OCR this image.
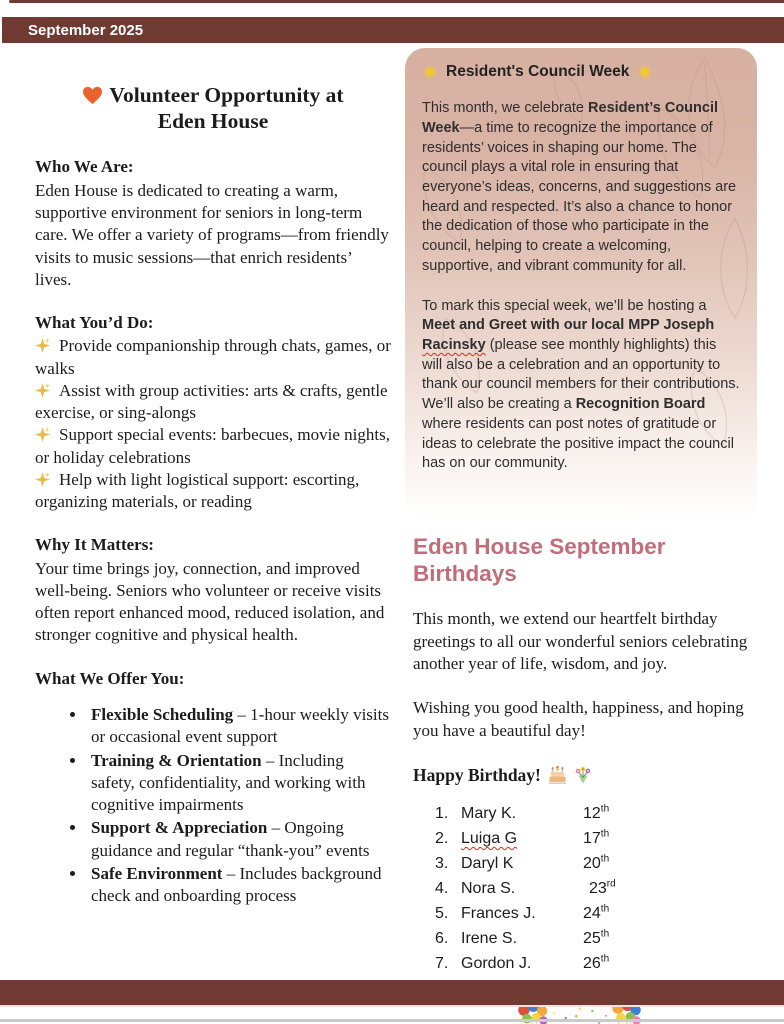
September 2025
Volunteer Opportunity at
Eden House
Who We Are:
Eden House is dedicated to creating a warm, supportive environment for seniors in long-term care. We offer a variety of programs—from friendly visits to music sessions—that enrich residents’ lives.
What You’d Do:

Provide companionship through chats, games, or walks

Assist with group activities: arts & crafts, gentle exercise, or sing-alongs

Support special events: barbecues, movie nights, or holiday celebrations

Help with light logistical support: escorting, organizing materials, or reading

Why It Matters:
Your time brings joy, connection, and improved well-being. Seniors who volunteer or receive visits often report enhanced mood, reduced isolation, and stronger cognitive and physical health.
What We Offer You:
• Flexible Scheduling – 1-hour weekly visits or occasional event support
• Training & Orientation – Including safety, confidentiality, and working with cognitive impairments
• Support & Appreciation – Ongoing guidance and regular “thank-you” events
• Safe Environment – Includes background check and onboarding process
Resident's Council Week

This month, we celebrate Resident’s Council Week—a time to recognize the importance of residents’ voices in shaping our home. The council plays a vital role in ensuring that everyone’s ideas, concerns, and suggestions are heard and respected. It’s also a chance to honor the dedication of those who participate in the council, helping to create a welcoming, supportive, and vibrant community for all.

To mark this special week, we’ll be hosting a Meet and Greet with our local MPP Joseph Racinsky (please see monthly highlights) this will also be a celebration and an opportunity to thank our council members for their contributions. We’ll also be creating a Recognition Board where residents can post notes of gratitude or ideas to celebrate the positive impact the council has on our community.

Eden House September Birthdays

This month, we extend our heartfelt birthday greetings to all our wonderful seniors celebrating another year of life, wisdom, and joy.

Wishing you good health, happiness, and hoping you have a beautiful day!

Happy Birthday!
1. Mary K.	12th
2. Luiga G	17th
3. Daryl K	20th
4. Nora S.	23rd
5. Frances J.	24th
6. Irene S.	25th
7. Gordon J.	26th
